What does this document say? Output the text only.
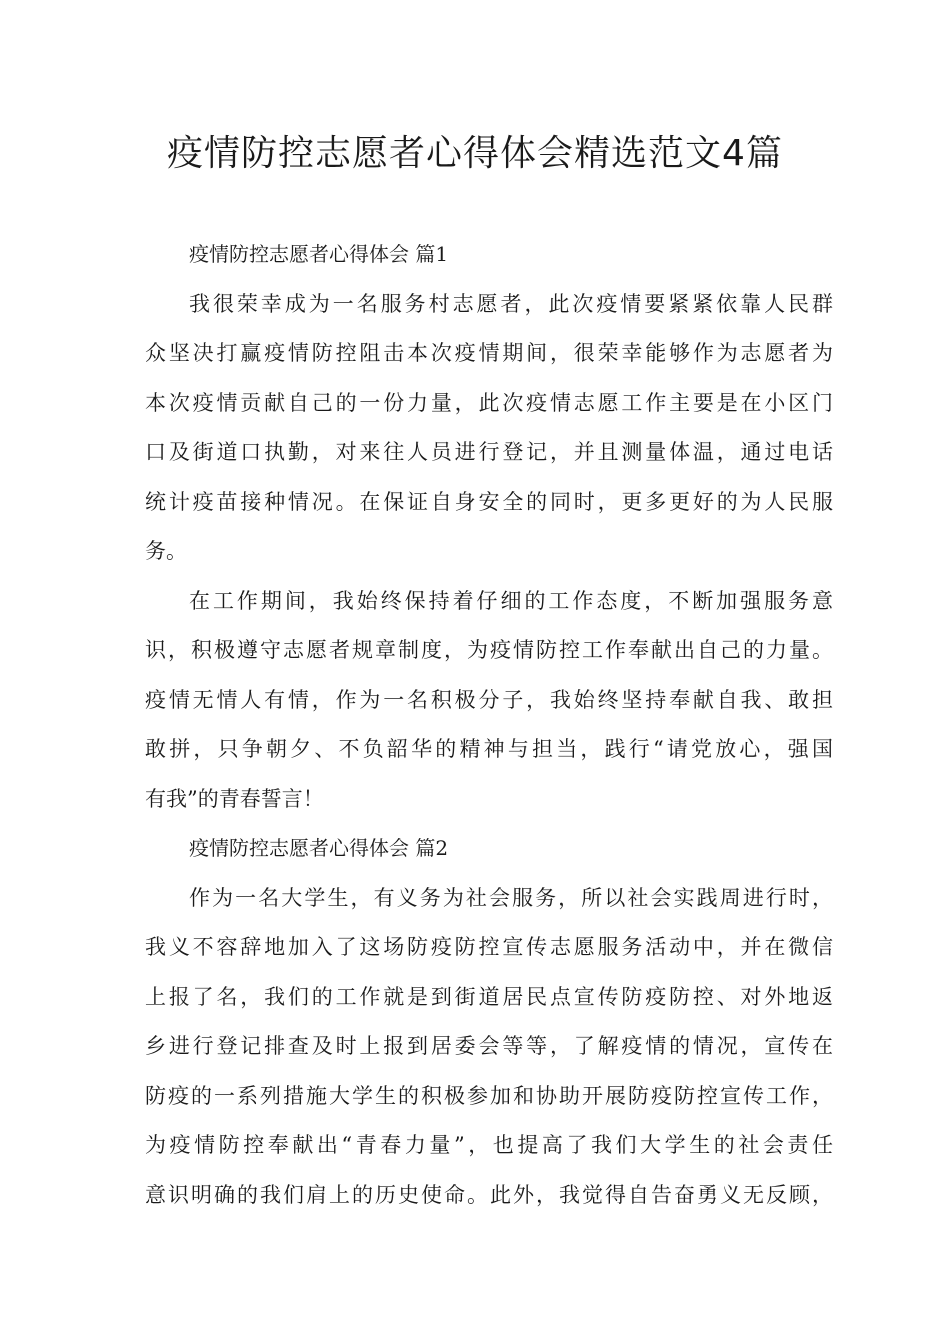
疫情防控志愿者心得体会精选范文4篇
疫情防控志愿者心得体会 篇1
我很荣幸成为一名服务村志愿者，此次疫情要紧紧依靠人民群
众坚决打赢疫情防控阻击本次疫情期间，很荣幸能够作为志愿者为
本次疫情贡献自己的一份力量，此次疫情志愿工作主要是在小区门
口及街道口执勤，对来往人员进行登记，并且测量体温，通过电话
统计疫苗接种情况。在保证自身安全的同时，更多更好的为人民服
务。
在工作期间，我始终保持着仔细的工作态度，不断加强服务意
识，积极遵守志愿者规章制度，为疫情防控工作奉献出自己的力量。
疫情无情人有情，作为一名积极分子，我始终坚持奉献自我、敢担
敢拼，只争朝夕、不负韶华的精神与担当，践行“请党放心，强国
有我”的青春誓言！
疫情防控志愿者心得体会 篇2
作为一名大学生，有义务为社会服务，所以社会实践周进行时，
我义不容辞地加入了这场防疫防控宣传志愿服务活动中，并在微信
上报了名，我们的工作就是到街道居民点宣传防疫防控、对外地返
乡进行登记排查及时上报到居委会等等，了解疫情的情况，宣传在
防疫的一系列措施大学生的积极参加和协助开展防疫防控宣传工作，
为疫情防控奉献出“青春力量”，也提高了我们大学生的社会责任
意识明确的我们肩上的历史使命。此外，我觉得自告奋勇义无反顾，
